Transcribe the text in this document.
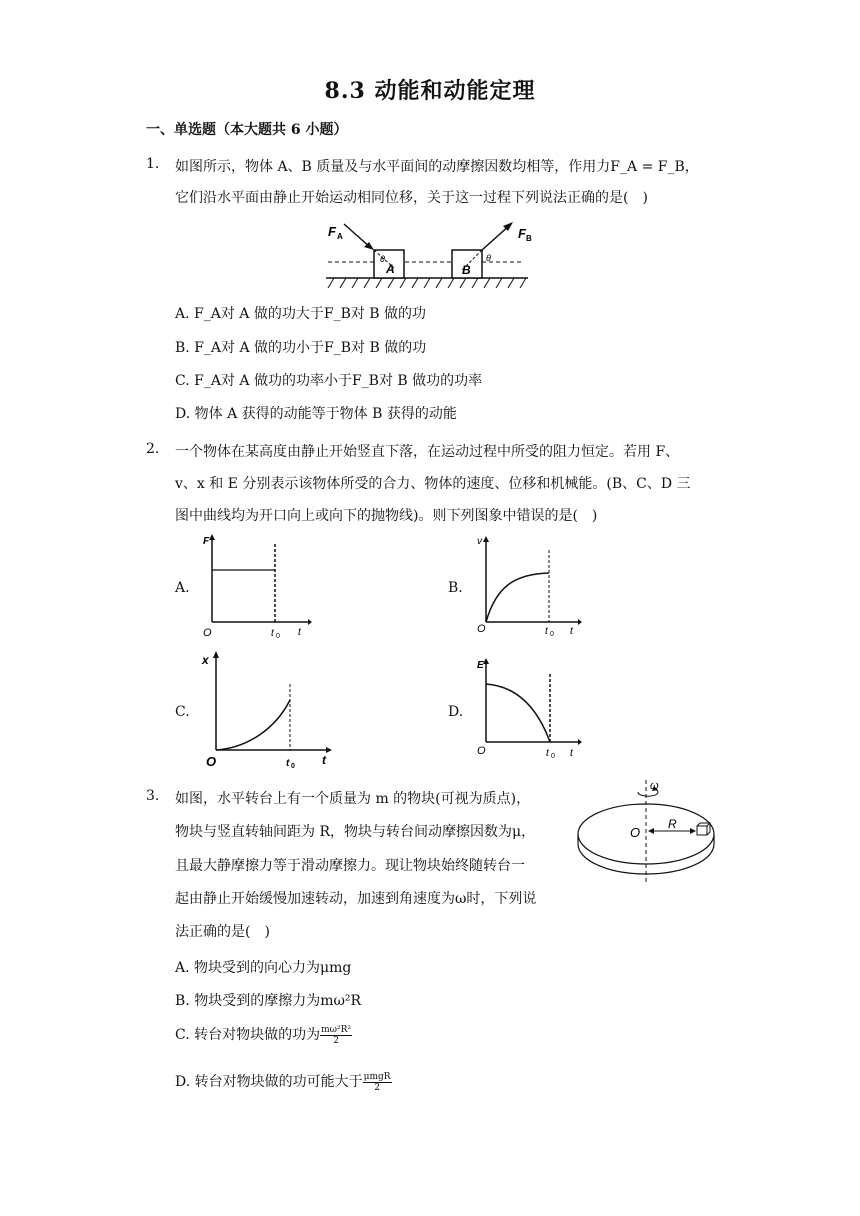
8.3 动能和动能定理
一、单选题（本大题共 6 小题）
1. 如图所示，物体 A、B 质量及与水平面间的动摩擦因数均相等，作用力F_A = F_B，
它们沿水平面由静止开始运动相同位移，关于这一过程下列说法正确的是(　)
θ
A
F A
θ
B
F B
A. F_A对 A 做的功大于F_B对 B 做的功
B. F_A对 A 做的功小于F_B对 B 做的功
C. F_A对 A 做功的功率小于F_B对 B 做功的功率
D. 物体 A 获得的动能等于物体 B 获得的动能
2. 一个物体在某高度由静止开始竖直下落，在运动过程中所受的阻力恒定。若用 F、
v、x 和 E 分别表示该物体所受的合力、物体的速度、位移和机械能。(B、C、D 三
图中曲线均为开口向上或向下的抛物线)。则下列图象中错误的是(　)
A.
F
O	t 0 t
B.
v
O	t 0 t
C.
x
O	t 0 t
D.
E
O	t 0 t
3. 如图，水平转台上有一个质量为 m 的物块(可视为质点)，
物块与竖直转轴间距为 R，物块与转台间动摩擦因数为μ，
且最大静摩擦力等于滑动摩擦力。现让物块始终随转台一
起由静止开始缓慢加速转动，加速到角速度为ω时，下列说
法正确的是(　)
ω
O
R
A. 物块受到的向心力为μmg
B. 物块受到的摩擦力为mω²R
C. 转台对物块做的功为 $\frac{\text{mω²R²}}{2}$
D. 转台对物块做的功可能大于 $\frac{\text{μmgR}}{2}$
